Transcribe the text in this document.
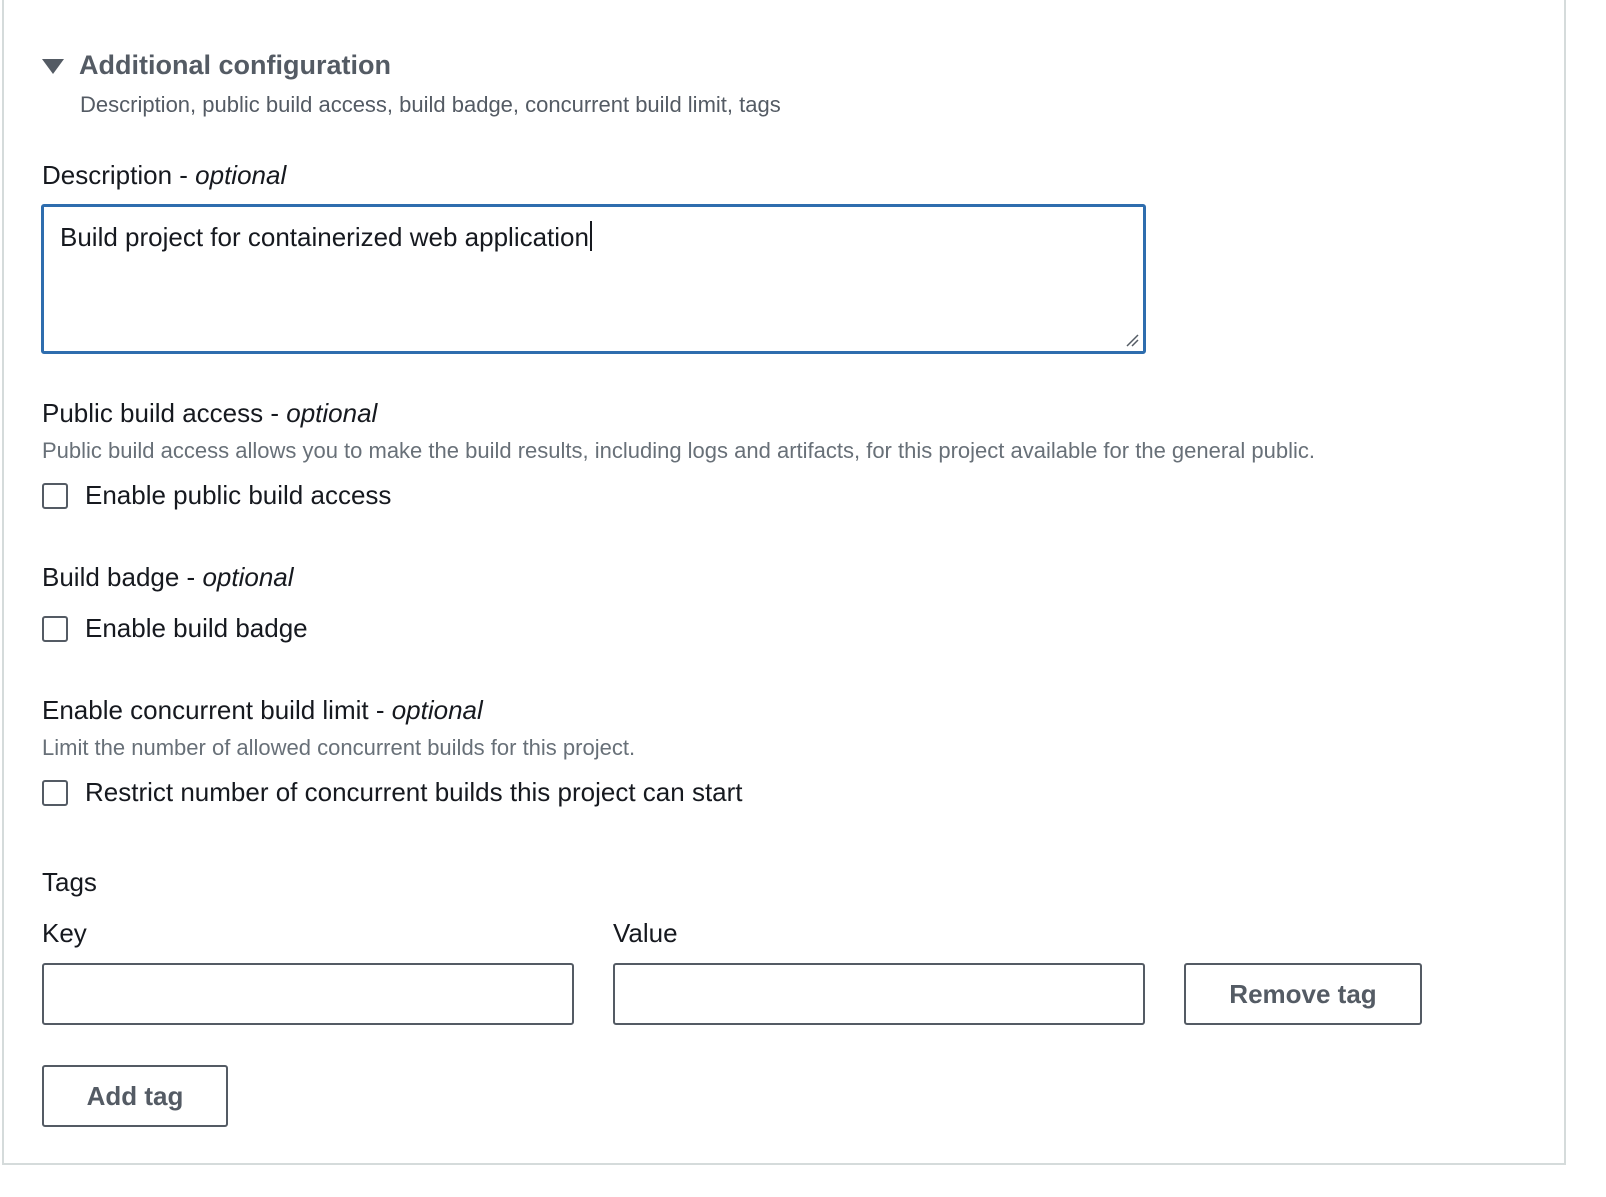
Additional configuration
Description, public build access, build badge, concurrent build limit, tags
Description - optional
Build project for containerized web application
Public build access - optional
Public build access allows you to make the build results, including logs and artifacts, for this project available for the general public.
Enable public build access
Build badge - optional
Enable build badge
Enable concurrent build limit - optional
Limit the number of allowed concurrent builds for this project.
Restrict number of concurrent builds this project can start
Tags
Key	Value
Remove tag
Add tag
